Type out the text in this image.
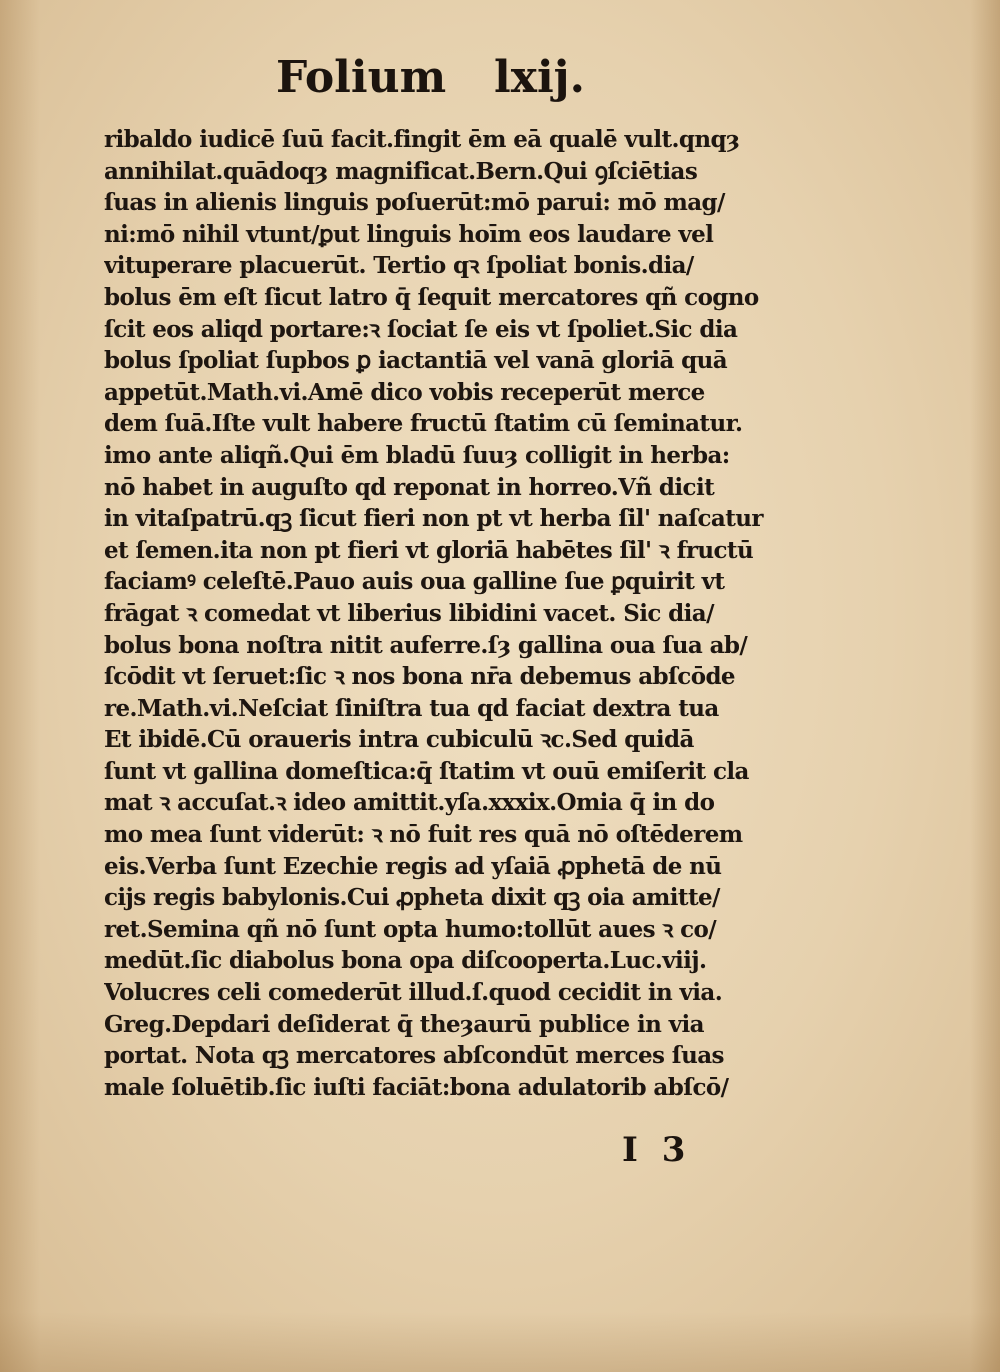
Folium lxij.
ribaldo iudicē ſuū facit.fingit ēm eā qualē vult.qnqȝ
annihilat.quādoqȝ magnificat.Bern.Qui ꝯſciētias
ſuas in alienis linguis poſuerūt:mō parui: mō mag/
ni:mō nihil vtunt/ꝑut linguis hoīm eos laudare vel
vituperare placuerūt. Tertio qꝛ ſpoliat bonis.dia/
bolus ēm eſt ſicut latro q̄ ſequit mercatores qñ cogno
ſcit eos aliqd portare:ꝛ ſociat ſe eis vt ſpoliet.Sic dia
bolus ſpoliat ſupbos ꝑ iactantiā vel vanā gloriā quā
appetūt.Math.vi.Amē dico vobis receperūt merce
dem ſuā.Iſte vult habere fructū ſtatim cū ſeminatur.
imo ante aliqñ.Qui ēm bladū ſuuȝ colligit in herba:
nō habet in auguſto qd reponat in horreo.Vñ dicit
in vitaſpatrū.qꝫ ſicut fieri non pt vt herba ſil' naſcatur
et ſemen.ita non pt fieri vt gloriā habētes ſil' ꝛ fructū
faciamꝰ celeſtē.Pauo auis oua galline ſue ꝑquirit vt
frāgat ꝛ comedat vt liberius libidini vacet. Sic dia/
bolus bona noſtra nitit auferre.ſȝ gallina oua ſua ab/
ſcōdit vt ſeruet:ſic ꝛ nos bona nr̄a debemus abſcōde
re.Math.vi.Neſciat ſiniſtra tua qd faciat dextra tua
Et ibidē.Cū oraueris intra cubiculū ꝛc.Sed quidā
ſunt vt gallina domeſtica:q̄ ſtatim vt ouū emiſerit cla
mat ꝛ accuſat.ꝛ ideo amittit.yſa.xxxix.Omia q̄ in do
mo mea ſunt viderūt: ꝛ nō fuit res quā nō oſtēderem
eis.Verba ſunt Ezechie regis ad yſaiā ꝓphetā de nū
cijs regis babylonis.Cui ꝓpheta dixit qꝫ oia amitte/
ret.Semina qñ nō ſunt opta humo:tollūt aues ꝛ co/
medūt.ſic diabolus bona opa diſcooperta.Luc.viij.
Volucres celi comederūt illud.ſ.quod cecidit in via.
Greg.Depdari deſiderat q̄ theȝaurū publice in via
portat. Nota qꝫ mercatores abſcondūt merces ſuas
male ſoluētib.ſic iuſti faciāt:bona adulatorib abſcō/
I 3
